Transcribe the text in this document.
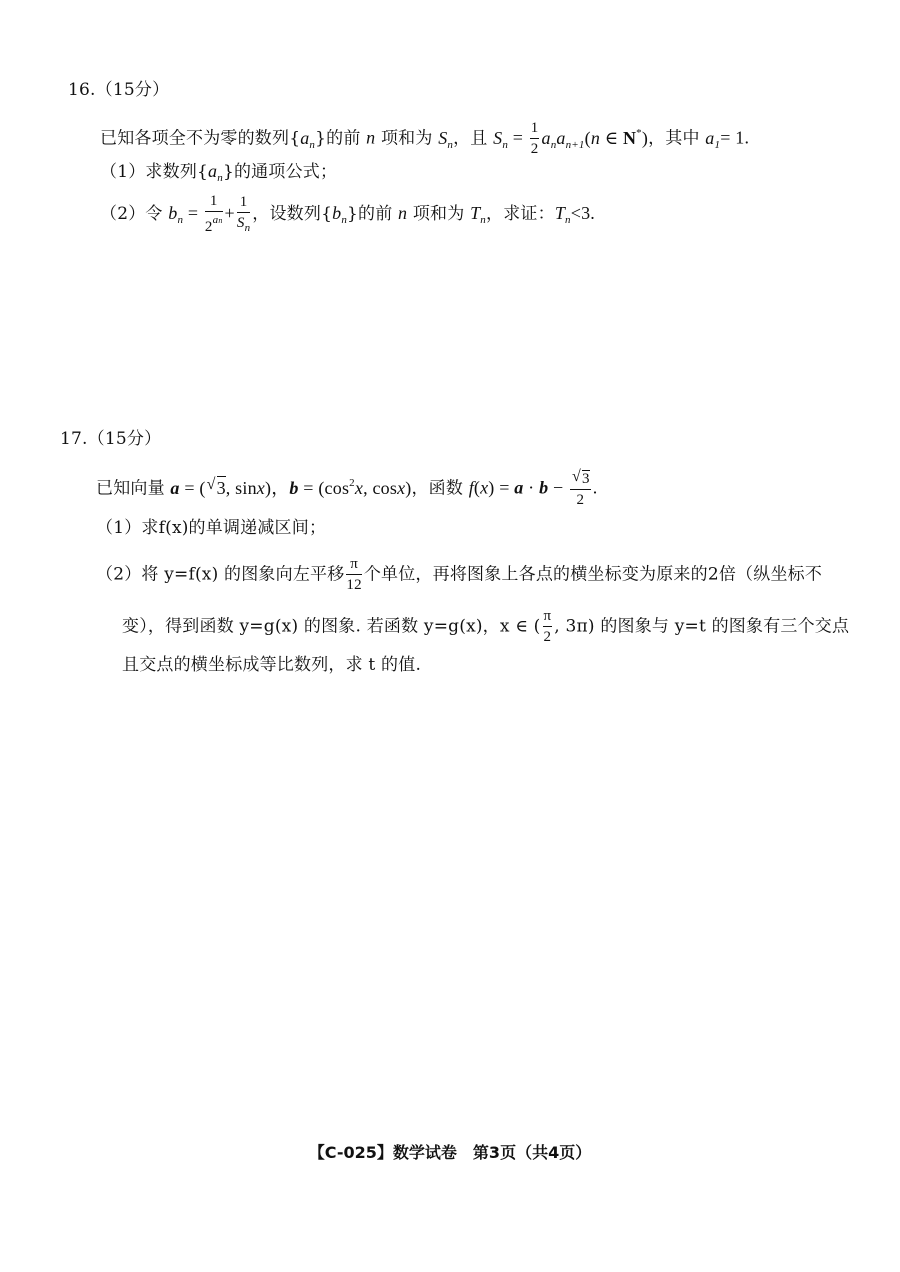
16.（15分）
已知各项全不为零的数列$\{a_n\}$的前 n 项和为 $S_n$，且 $S_n = \frac{1}{2} a_na_{n+1}(n$ ∈ N*)，其中 $a_1= 1$.
（1）求数列$\{a_n\}$的通项公式；
（2）令 $b_n = \frac{1}{2^{an}} + \frac{1}{S_n}$ ，设数列$\{b_n\}$的前 n 项和为 $T_n$，求证：$T_n<3$.
17.（15分）
已知向量 a = ( √ 3, sinx)，$b = (\cos^2x$, cosx)，函数 f(x) = a · b − √ $\frac{3}{2}$ .
（1）求f(x)的单调递减区间；
（2）将 y=f(x) 的图象向左平移 $\frac{\pi}{12}$ 个单位，再将图象上各点的横坐标变为原来的2倍（纵坐标不
变），得到函数 y=g(x) 的图象. 若函数 y=g(x)，x ∈ ( $\frac{\pi}{2}$ , 3π) 的图象与 y=t 的图象有三个交点
且交点的横坐标成等比数列，求 t 的值.
【C-025】数学试卷　第3页（共4页）
